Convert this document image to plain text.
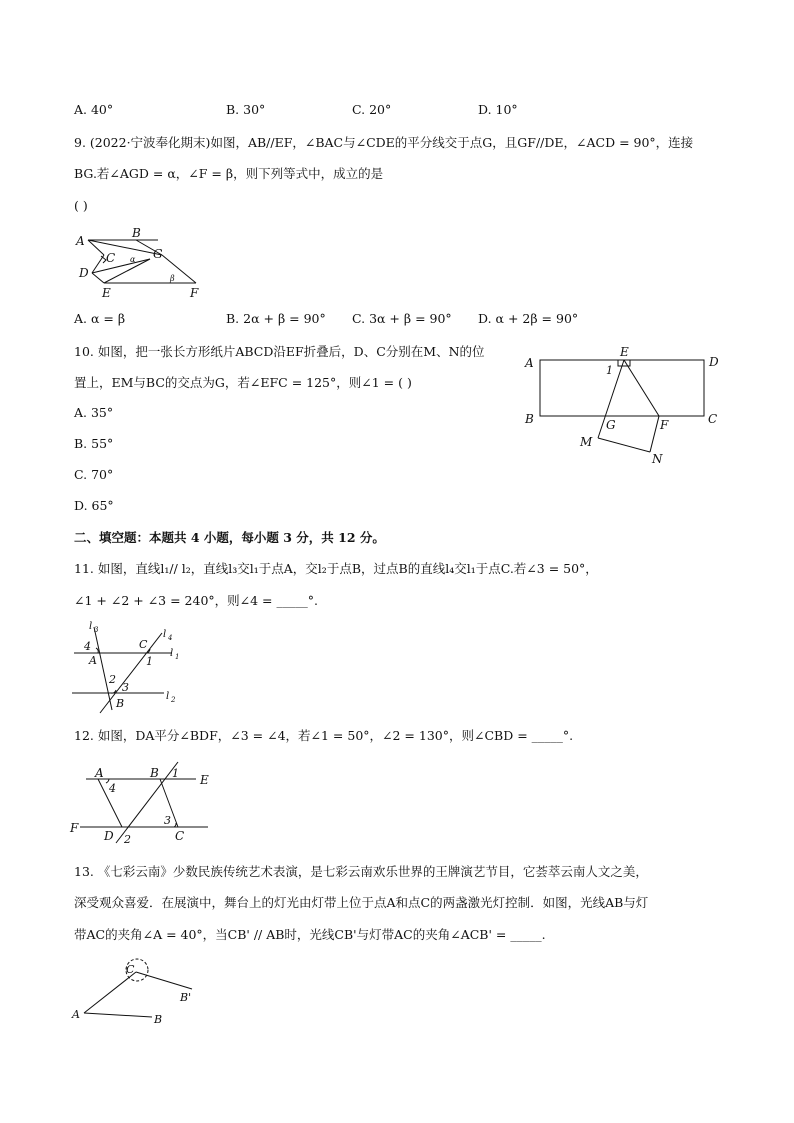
A. 40°	B. 30°	C. 20°	D. 10°
9. (2022·宁波奉化期末)如图，AB//EF，∠BAC与∠CDE的平分线交于点G，且GF//DE，∠ACD = 90°，连接
BG.若∠AGD = α，∠F = β，则下列等式中，成立的是
( )
A
B
C	G
D
E	F
α
β
A. α = β	B. 2α + β = 90° C. 3α + β = 90° D. α + 2β = 90°
10. 如图，把一张长方形纸片ABCD沿EF折叠后，D、C分别在M、N的位
置上，EM与BC的交点为G，若∠EFC = 125°，则∠1 = ( )
A. 35°
B. 55°
C. 70°
D. 65°
A
E
D
1
B	G	F	C
M
N
二、填空题：本题共 4 小题，每小题 3 分，共 12 分。
11. 如图，直线l₁// l₂，直线l₃交l₁于点A，交l₂于点B，过点B的直线l₄交l₁于点C.若∠3 = 50°，
∠1 + ∠2 + ∠3 = 240°，则∠4 = _____°.
l 3	l 4
l 1
l 2
4	C
A	1
2
3
B
12. 如图，DA平分∠BDF，∠3 = ∠4，若∠1 = 50°，∠2 = 130°，则∠CBD = _____°.
A	B 1 E
4
3
F
D 2	C
13. 《七彩云南》少数民族传统艺术表演，是七彩云南欢乐世界的王牌演艺节目，它荟萃云南人文之美，
深受观众喜爱．在展演中，舞台上的灯光由灯带上位于点A和点C的两盏激光灯控制．如图，光线AB与灯
带AC的夹角∠A = 40°，当CB' // AB时，光线CB'与灯带AC的夹角∠ACB' = _____.
C
B'
A	B
